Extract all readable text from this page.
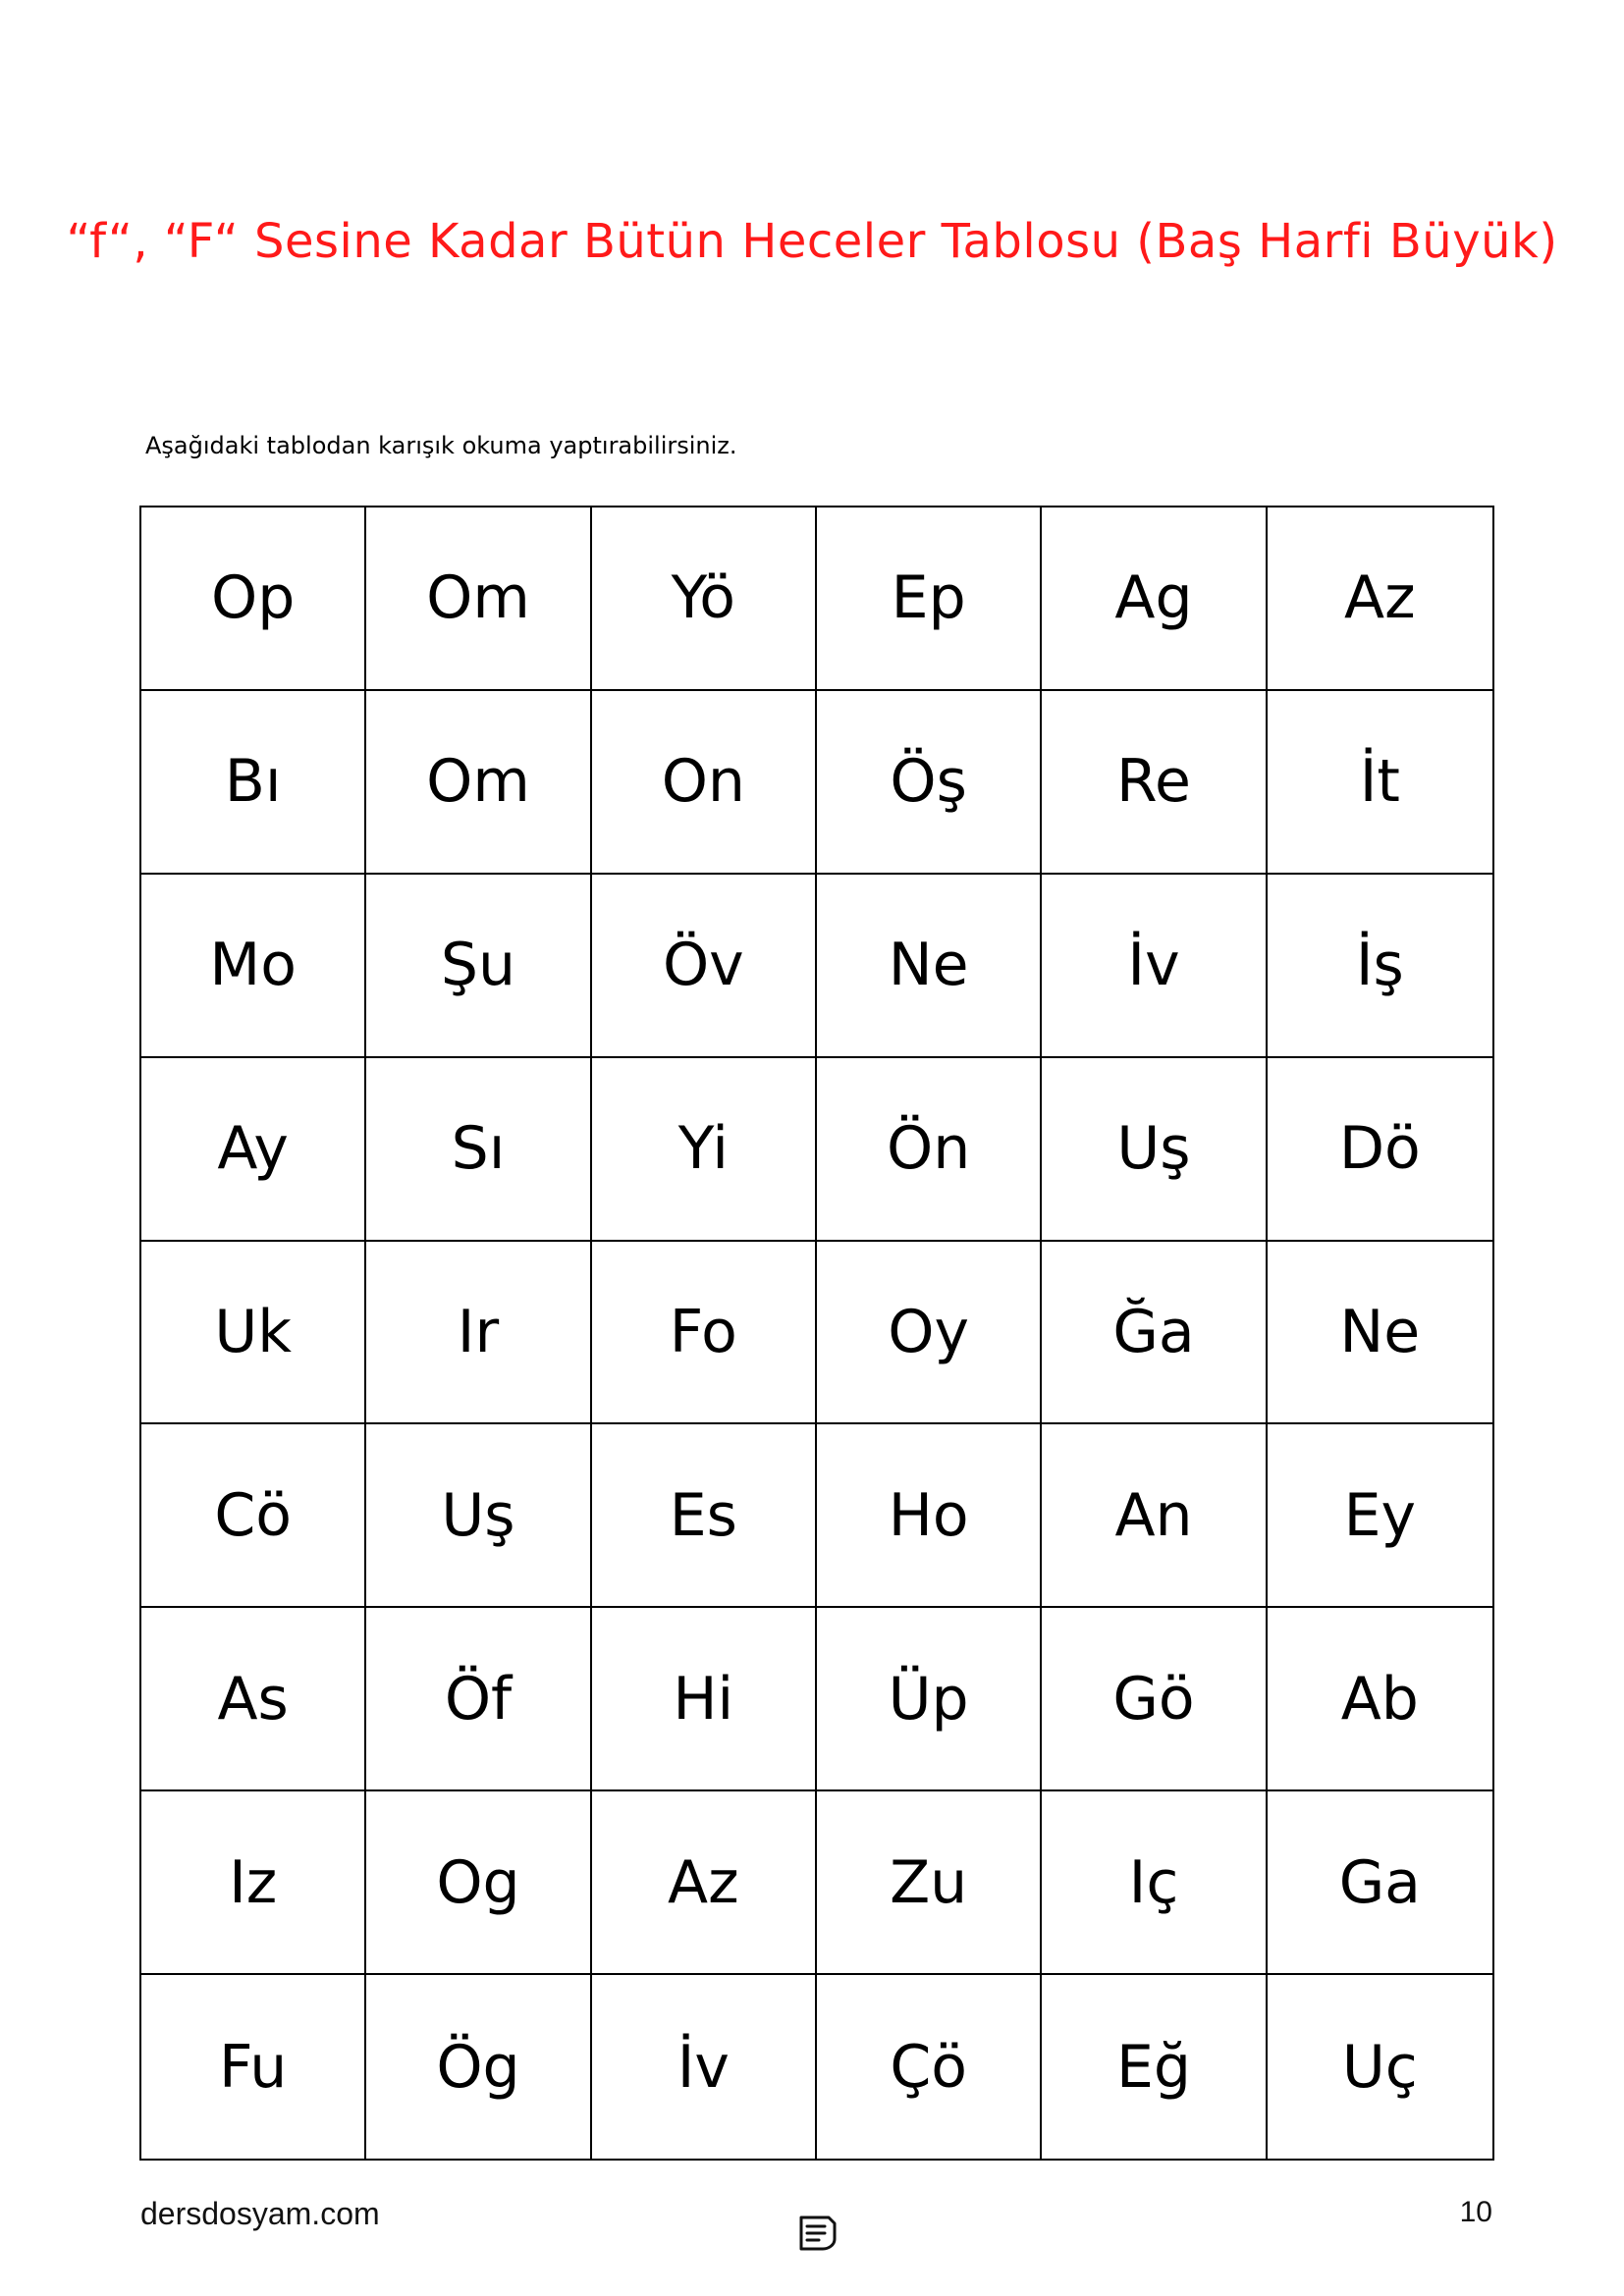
“f“, “F“ Sesine Kadar Bütün Heceler Tablosu (Baş Harfi Büyük)
Aşağıdaki tablodan karışık okuma yaptırabilirsiniz.
Op	Om	Yö	Ep	Ag	Az
Bı	Om	On	Öş	Re	İt
Mo	Şu	Öv	Ne	İv	İş
Ay	Sı	Yi	Ön	Uş	Dö
Uk	Ir	Fo	Oy	Ğa	Ne
Cö	Uş	Es	Ho	An	Ey
As	Öf	Hi	Üp	Gö	Ab
Iz	Og	Az	Zu	Iç	Ga
Fu	Ög	İv	Çö	Eğ	Uç
dersdosyam.com	10
